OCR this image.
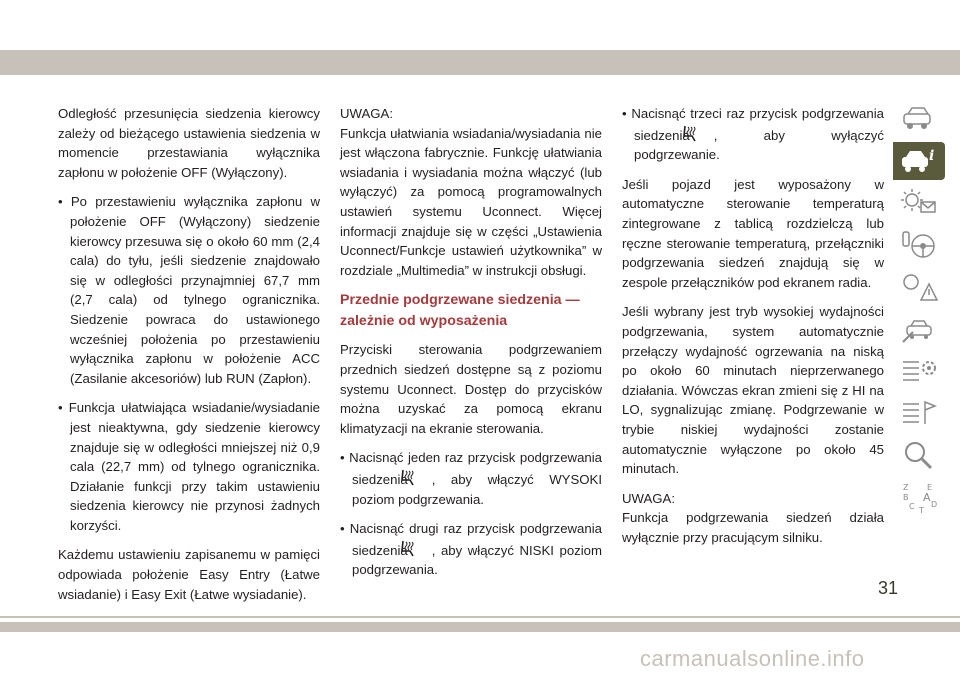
Odległość przesunięcia siedzenia kierowcy zależy od bieżącego ustawienia siedzenia w momencie przestawiania wyłącznika zapłonu w położenie OFF (Wyłączony).

• Po przestawieniu wyłącznika zapłonu w położenie OFF (Wyłączony) siedzenie kierowcy przesuwa się o około 60 mm (2,4 cala) do tyłu, jeśli siedzenie znajdowało się w odległości przynajmniej 67,7 mm (2,7 cala) od tylnego ogranicznika. Siedzenie powraca do ustawionego wcześniej położenia po przestawieniu wyłącznika zapłonu w położenie ACC (Zasilanie akcesoriów) lub RUN (Zapłon).

• Funkcja ułatwiająca wsiadanie/wysiadanie jest nieaktywna, gdy siedzenie kierowcy znajduje się w odległości mniejszej niż 0,9 cala (22,7 mm) od tylnego ogranicznika. Działanie funkcji przy takim ustawieniu siedzenia kierowcy nie przynosi żadnych korzyści.

Każdemu ustawieniu zapisanemu w pamięci odpowiada położenie Easy Entry (Łatwe wsiadanie) i Easy Exit (Łatwe wysiadanie).

UWAGA:

Funkcja ułatwiania wsiadania/wysiadania nie jest włączona fabrycznie. Funkcję ułatwiania wsiadania i wysiadania można włączyć (lub wyłączyć) za pomocą programowalnych ustawień systemu Uconnect. Więcej informacji znajduje się w części „Ustawienia Uconnect/Funkcje ustawień użytkownika” w rozdziale „Multimedia” w instrukcji obsługi.

Przednie podgrzewane siedzenia — zależnie od wyposażenia

Przyciski sterowania podgrzewaniem przednich siedzeń dostępne są z poziomu systemu Uconnect. Dostęp do przycisków można uzyskać za pomocą ekranu klimatyzacji na ekranie sterowania.

• Nacisnąć jeden raz przycisk podgrzewania siedzenia , aby włączyć WYSOKI poziom podgrzewania.

• Nacisnąć drugi raz przycisk podgrzewania siedzenia , aby włączyć NISKI poziom podgrzewania.

• Nacisnąć trzeci raz przycisk podgrzewania siedzenia , aby wyłączyć podgrzewanie.

Jeśli pojazd jest wyposażony w automatyczne sterowanie temperaturą zintegrowane z tablicą rozdzielczą lub ręczne sterowanie temperaturą, przełączniki podgrzewania siedzeń znajdują się w zespole przełączników pod ekranem radia.

Jeśli wybrany jest tryb wysokiej wydajności podgrzewania, system automatycznie przełączy wydajność ogrzewania na niską po około 60 minutach nieprzerwanego działania. Wówczas ekran zmieni się z HI na LO, sygnalizując zmianę. Podgrzewanie w trybie niskiej wydajności zostanie automatycznie wyłączone po około 45 minutach.

UWAGA:

Funkcja podgrzewania siedzeń działa wyłącznie przy pracującym silniku.

i
Z E
B A
C D
T
31
carmanualsonline.info
